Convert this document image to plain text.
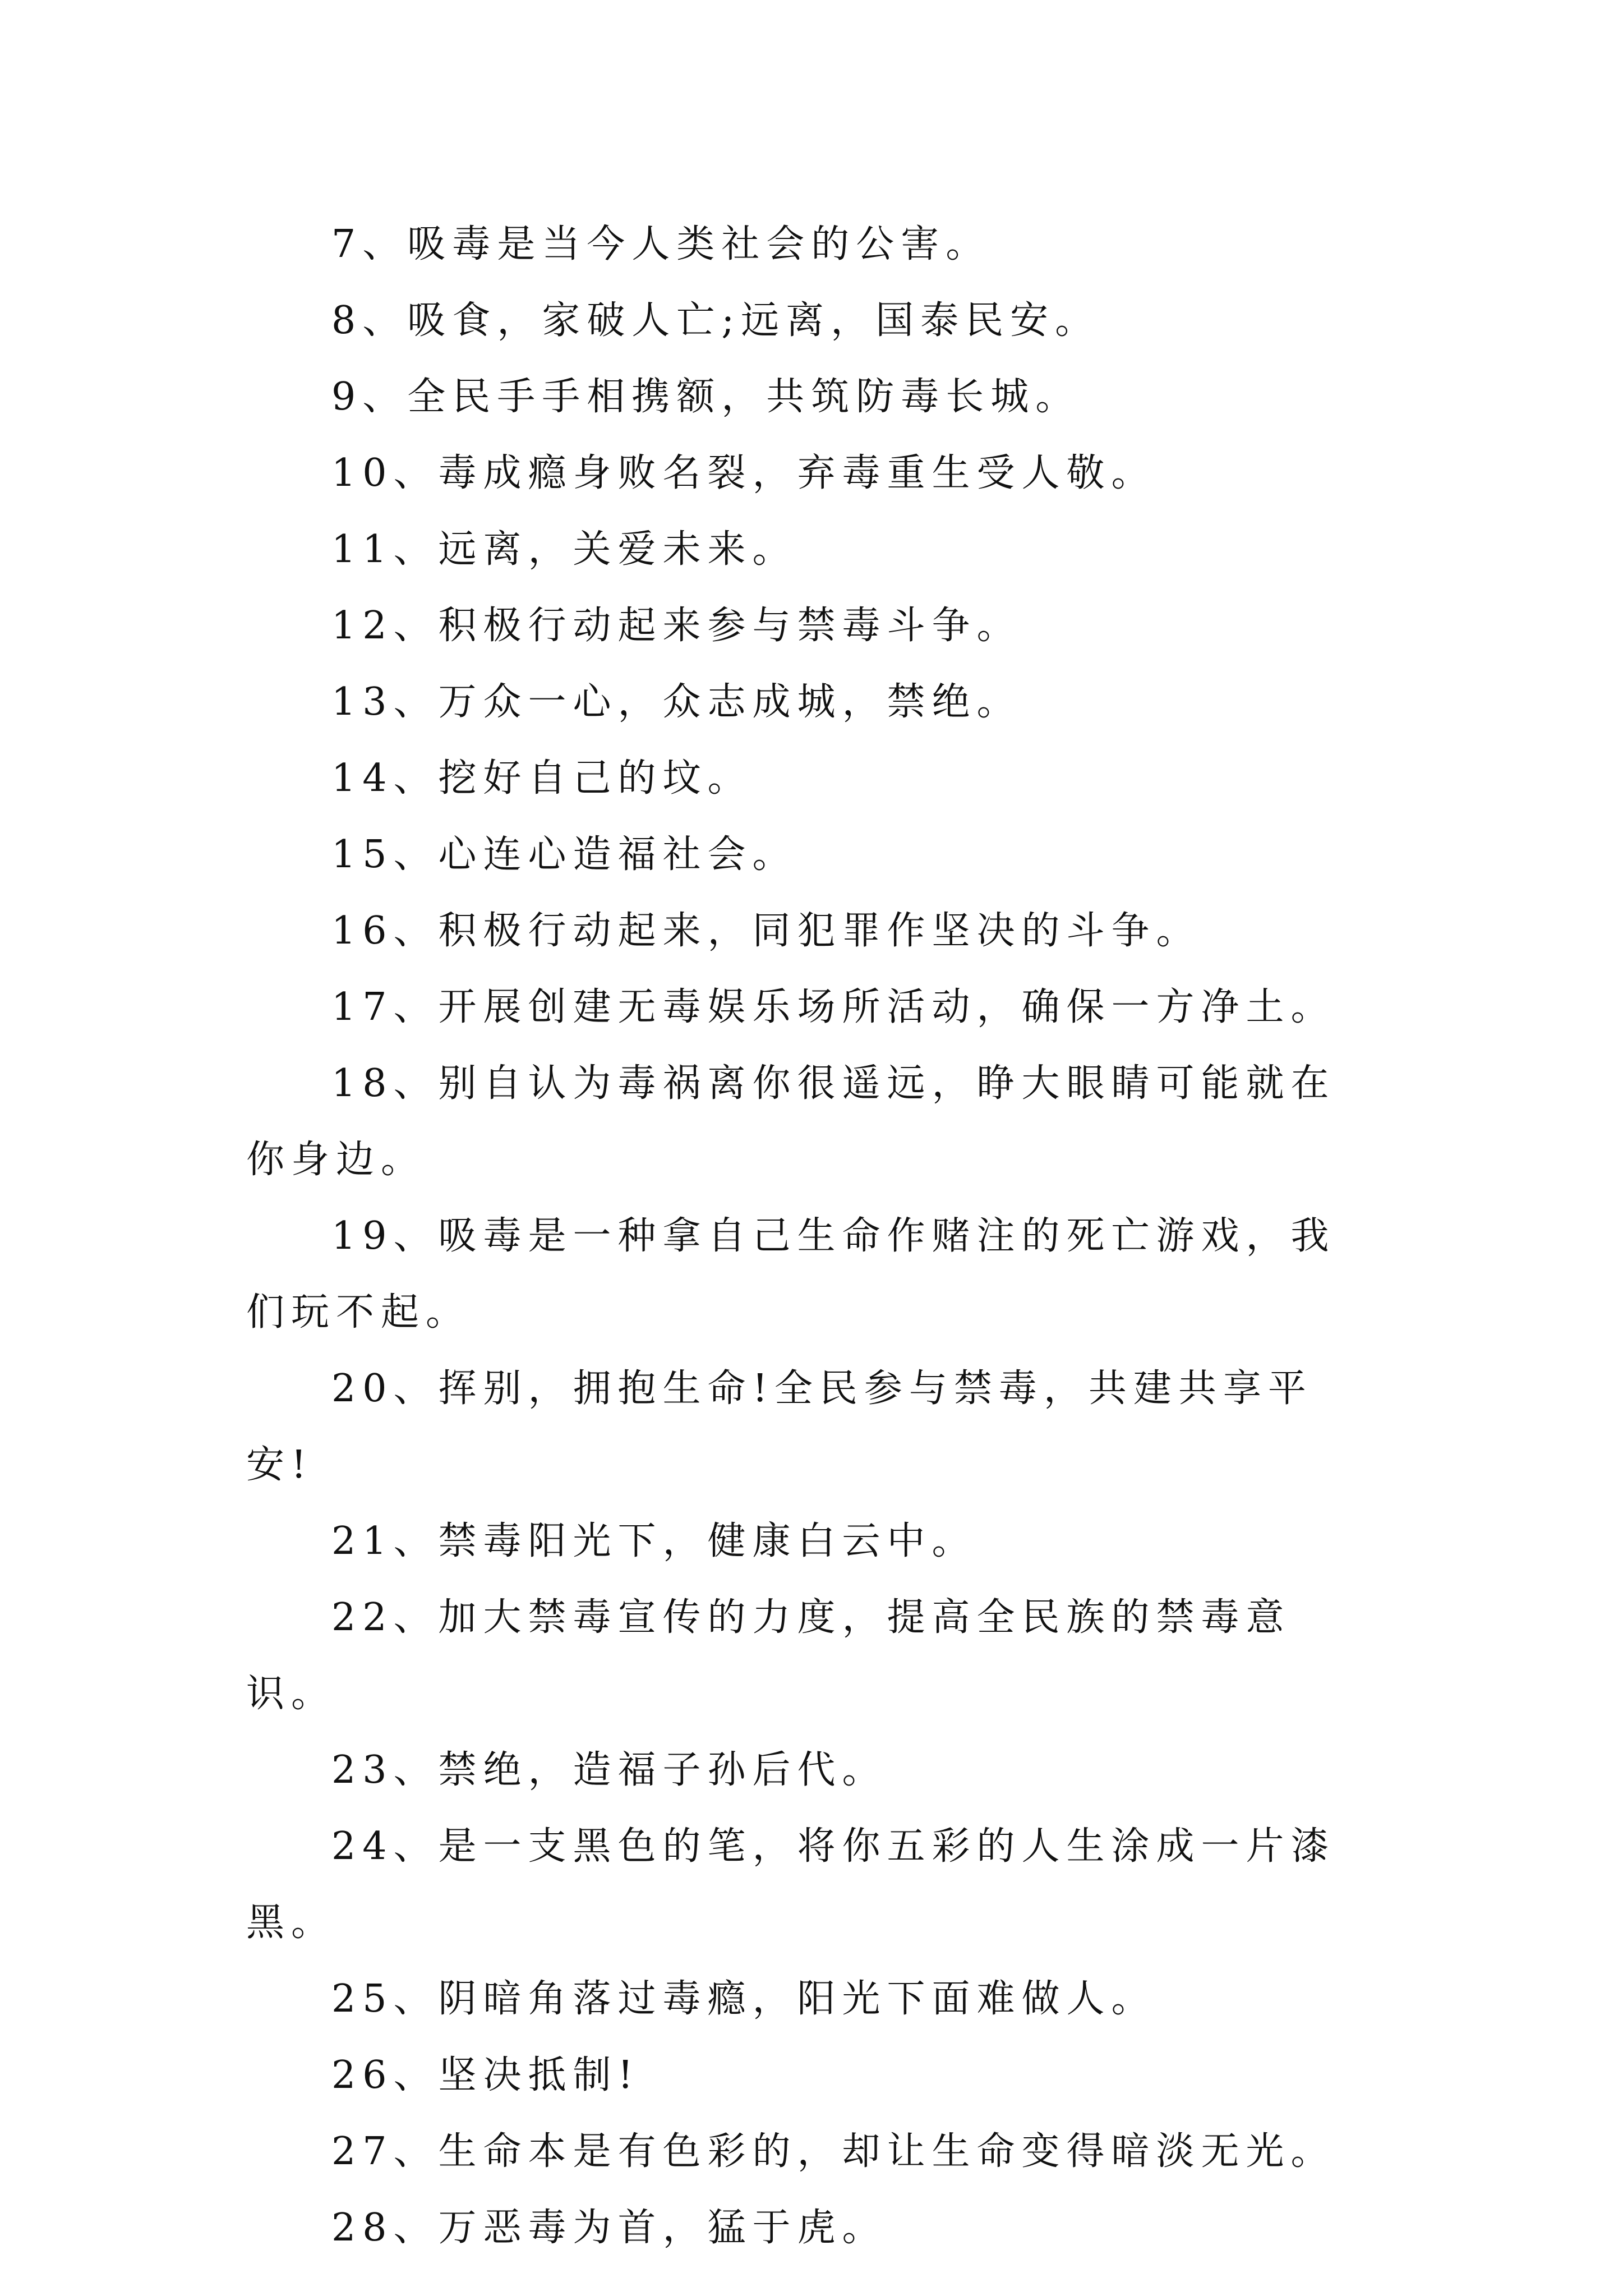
7、吸毒是当今人类社会的公害。

8、吸食，家破人亡;远离，国泰民安。

9、全民手手相携额，共筑防毒长城。

10、毒成瘾身败名裂，弃毒重生受人敬。

11、远离，关爱未来。

12、积极行动起来参与禁毒斗争。

13、万众一心，众志成城，禁绝。

14、挖好自己的坟。

15、心连心造福社会。

16、积极行动起来，同犯罪作坚决的斗争。

17、开展创建无毒娱乐场所活动，确保一方净土。

18、别自认为毒祸离你很遥远，睁大眼睛可能就在你身边。

19、吸毒是一种拿自己生命作赌注的死亡游戏，我们玩不起。

20、挥别，拥抱生命!全民参与禁毒，共建共享平安!

21、禁毒阳光下，健康白云中。

22、加大禁毒宣传的力度，提高全民族的禁毒意识。

23、禁绝，造福子孙后代。

24、是一支黑色的笔，将你五彩的人生涂成一片漆黑。

25、阴暗角落过毒瘾，阳光下面难做人。

26、坚决抵制!

27、生命本是有色彩的，却让生命变得暗淡无光。

28、万恶毒为首，猛于虎。
